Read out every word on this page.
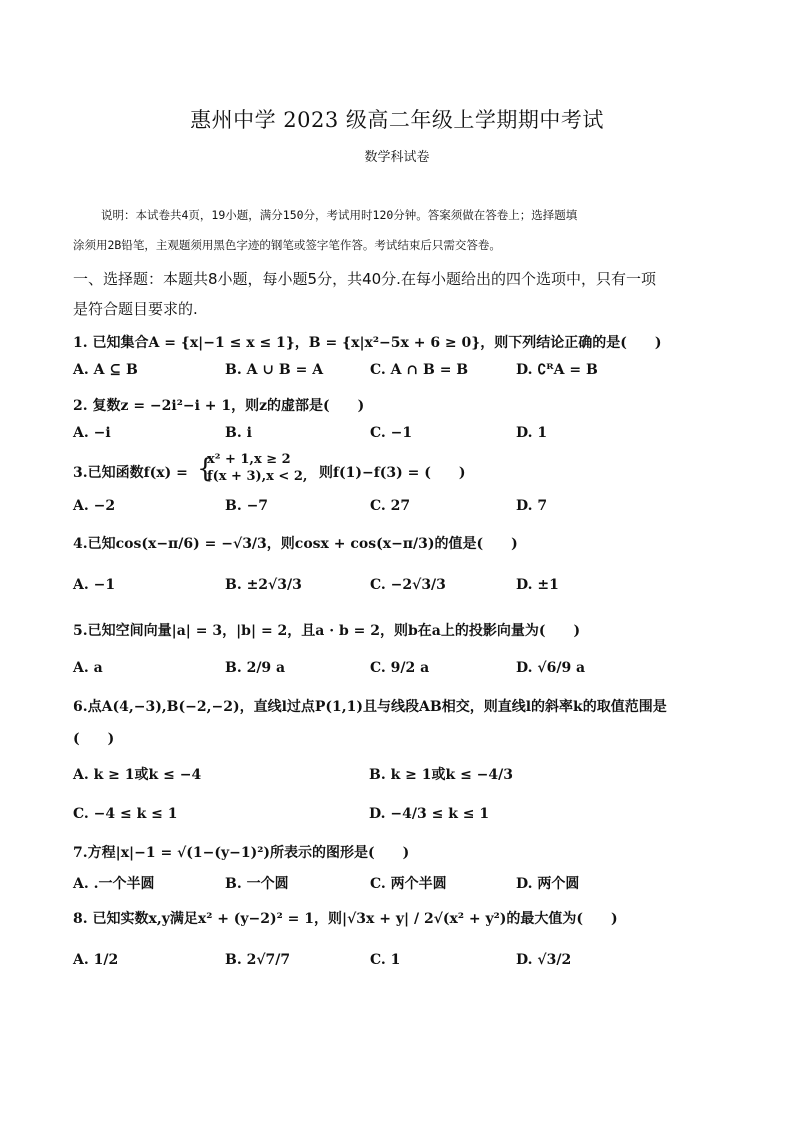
惠州中学 2023 级高二年级上学期期中考试
数学科试卷
说明：本试卷共4页，19小题，满分150分，考试用时120分钟。答案须做在答卷上；选择题填
涂须用2B铅笔，主观题须用黑色字迹的钢笔或签字笔作答。考试结束后只需交答卷。
一、选择题：本题共8小题，每小题5分，共40分.在每小题给出的四个选项中，只有一项
是符合题目要求的.
1. 已知集合A = {x|−1 ≤ x ≤ 1}，B = {x|x²−5x + 6 ≥ 0}，则下列结论正确的是(　　)
A. A ⊆ B	B. A ∪ B = A	C. A ∩ B = B	D. ∁ᴿA = B
2. 复数z = −2i²−i + 1，则z的虚部是(　　)
A. −i	B. i	C. −1	D. 1
3.已知函数f(x) = {
x² + 1,x ≥ 2
f(x + 3),x < 2, 则f(1)−f(3) = (　　)
A. −2	B. −7	C. 27	D. 7
4.已知cos(x−π/6) = −√3/3，则cosx + cos(x−π/3)的值是(　　)
A. −1	B. ±2√3/3	C. −2√3/3	D. ±1
5.已知空间向量|a| = 3，|b| = 2，且a · b = 2，则b在a上的投影向量为(　　)
A. a	B. 2/9 a	C. 9/2 a	D. √6/9 a
6.点A(4,−3),B(−2,−2)，直线l过点P(1,1)且与线段AB相交，则直线l的斜率k的取值范围是
(　　)
A. k ≥ 1或k ≤ −4	B. k ≥ 1或k ≤ −4/3
C. −4 ≤ k ≤ 1	D. −4/3 ≤ k ≤ 1
7.方程|x|−1 = √(1−(y−1)²)所表示的图形是(　　)
A. .一个半圆	B. 一个圆	C. 两个半圆	D. 两个圆
8. 已知实数x,y满足x² + (y−2)² = 1，则|√3x + y| / 2√(x² + y²)的最大值为(　　)
A. 1/2	B. 2√7/7	C. 1	D. √3/2
